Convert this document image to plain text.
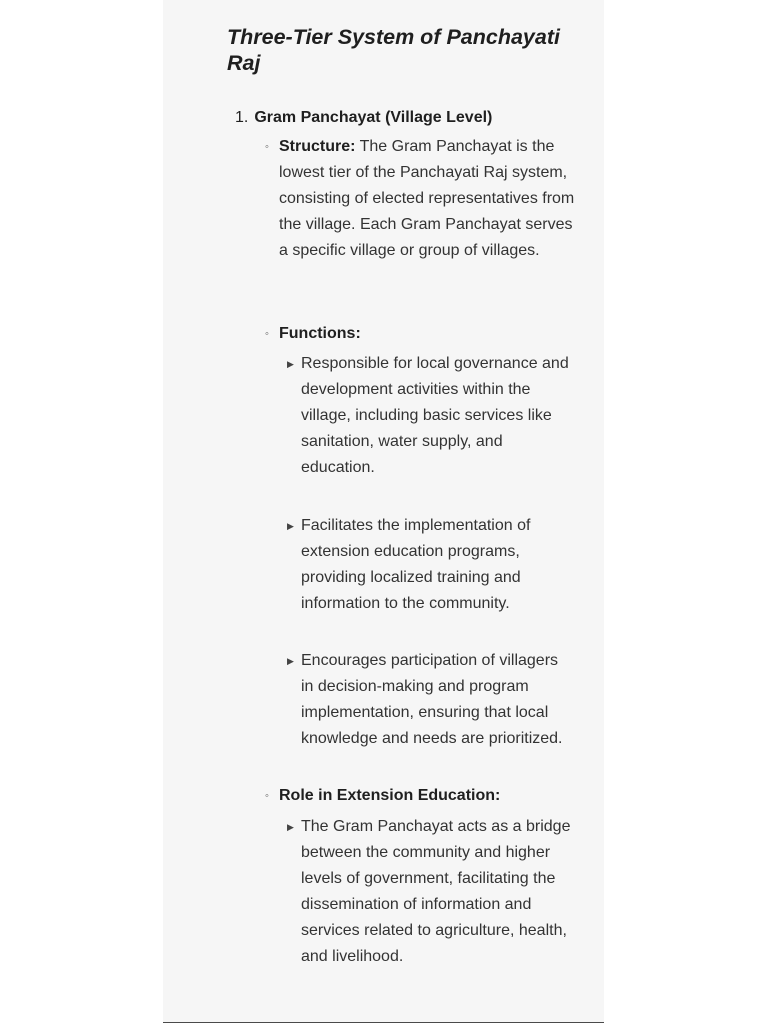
Three-Tier System of Panchayati Raj
1. Gram Panchayat (Village Level)
◦ Structure: The Gram Panchayat is the lowest tier of the Panchayati Raj system, consisting of elected representatives from the village. Each Gram Panchayat serves a specific village or group of villages.
◦ Functions:
▶ Responsible for local governance and development activities within the village, including basic services like sanitation, water supply, and education.
▶ Facilitates the implementation of extension education programs, providing localized training and information to the community.
▶ Encourages participation of villagers in decision-making and program implementation, ensuring that local knowledge and needs are prioritized.
◦ Role in Extension Education:
▶ The Gram Panchayat acts as a bridge between the community and higher levels of government, facilitating the dissemination of information and services related to agriculture, health, and livelihood.
